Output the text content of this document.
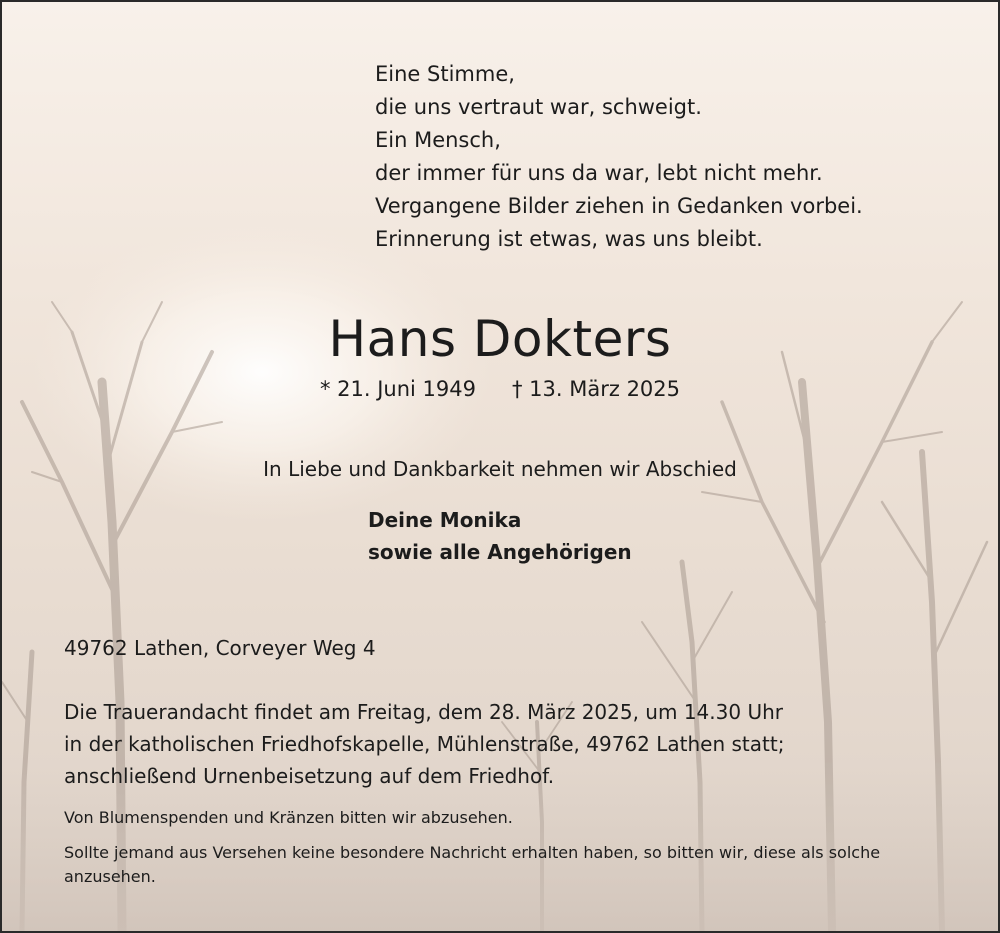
Eine Stimme,
die uns vertraut war, schweigt.
Ein Mensch,
der immer für uns da war, lebt nicht mehr.
Vergangene Bilder ziehen in Gedanken vorbei.
Erinnerung ist etwas, was uns bleibt.
Hans Dokters
* 21. Juni 1949 † 13. März 2025
In Liebe und Dankbarkeit nehmen wir Abschied
Deine Monika
sowie alle Angehörigen
49762 Lathen, Corveyer Weg 4
Die Trauerandacht findet am Freitag, dem 28. März 2025, um 14.30 Uhr
in der katholischen Friedhofskapelle, Mühlenstraße, 49762 Lathen statt;
anschließend Urnenbeisetzung auf dem Friedhof.
Von Blumenspenden und Kränzen bitten wir abzusehen.
Sollte jemand aus Versehen keine besondere Nachricht erhalten haben, so bitten wir, diese als solche anzusehen.
